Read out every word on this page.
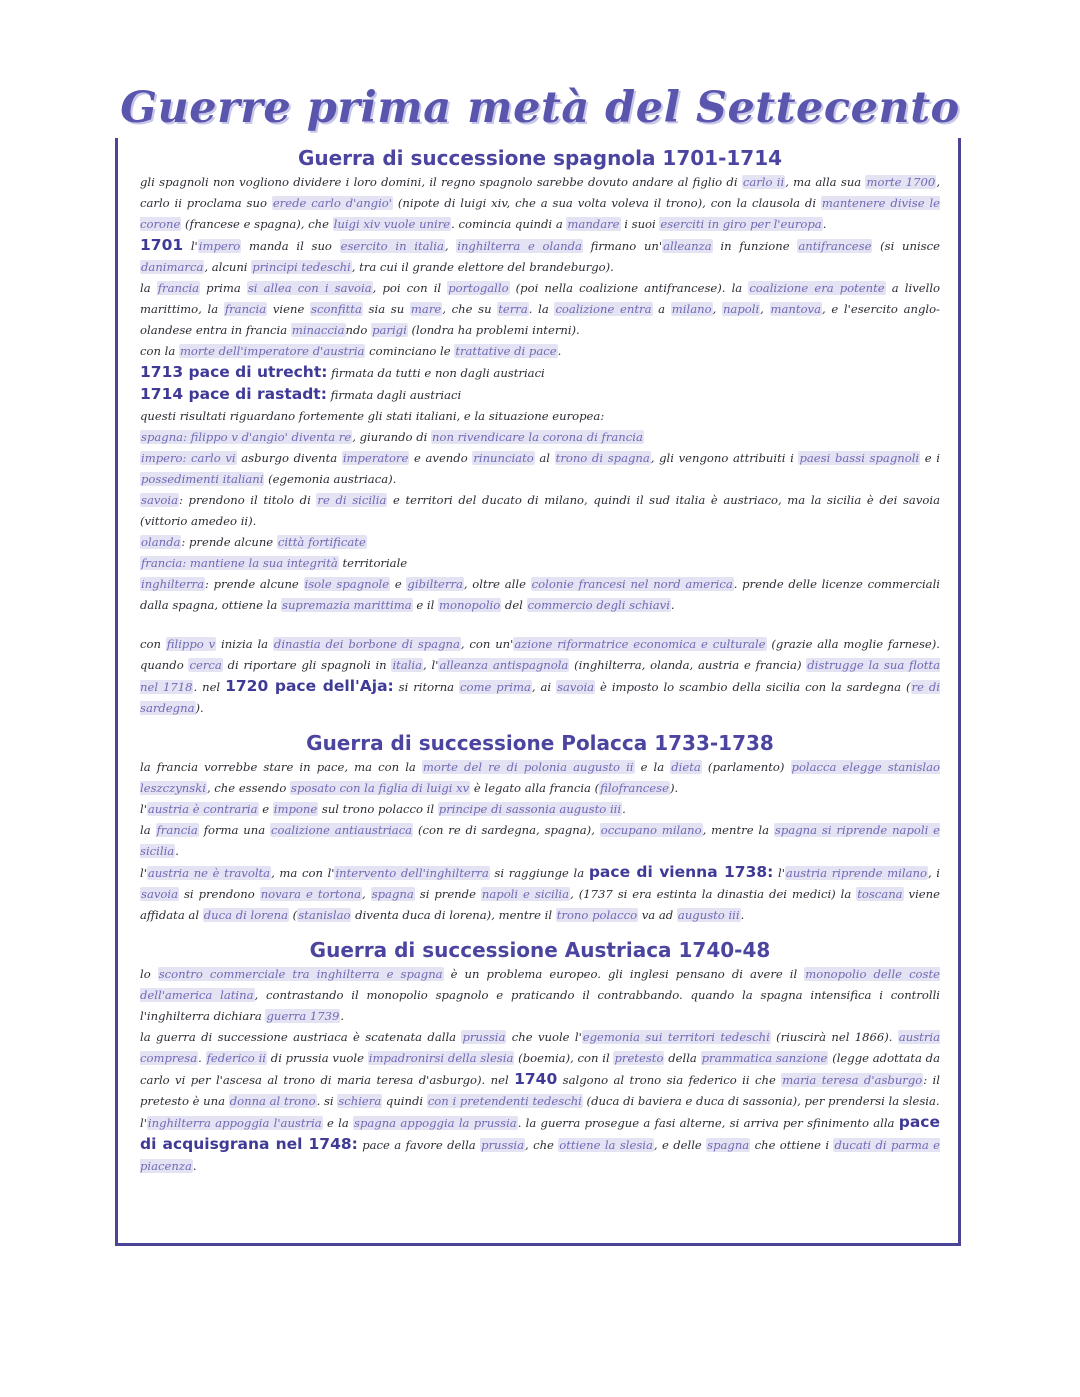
Guerre prima metà del Settecento
Guerra di successione spagnola 1701-1714

gli spagnoli non vogliono dividere i loro domini, il regno spagnolo sarebbe dovuto andare al figlio di carlo ii, ma alla sua morte 1700, carlo ii proclama suo erede carlo d'angio' (nipote di luigi xiv, che a sua volta voleva il trono), con la clausola di mantenere divise le corone (francese e spagna), che luigi xiv vuole unire. comincia quindi a mandare i suoi eserciti in giro per l'europa.

1701 l'impero manda il suo esercito in italia, inghilterra e olanda firmano un'alleanza in funzione antifrancese (si unisce danimarca, alcuni principi tedeschi, tra cui il grande elettore del brandeburgo).

la francia prima si allea con i savoia, poi con il portogallo (poi nella coalizione antifrancese). la coalizione era potente a livello marittimo, la francia viene sconfitta sia su mare, che su terra. la coalizione entra a milano, napoli, mantova, e l'esercito anglo-olandese entra in francia minacciando parigi (londra ha problemi interni).

con la morte dell'imperatore d'austria cominciano le trattative di pace.

1713 pace di utrecht: firmata da tutti e non dagli austriaci

1714 pace di rastadt: firmata dagli austriaci

questi risultati riguardano fortemente gli stati italiani, e la situazione europea:

spagna: filippo v d'angio' diventa re, giurando di non rivendicare la corona di francia

impero: carlo vi asburgo diventa imperatore e avendo rinunciato al trono di spagna, gli vengono attribuiti i paesi bassi spagnoli e i possedimenti italiani (egemonia austriaca).

savoia: prendono il titolo di re di sicilia e territori del ducato di milano, quindi il sud italia è austriaco, ma la sicilia è dei savoia (vittorio amedeo ii).

olanda: prende alcune città fortificate

francia: mantiene la sua integrità territoriale

inghilterra: prende alcune isole spagnole e gibilterra, oltre alle colonie francesi nel nord america. prende delle licenze commerciali dalla spagna, ottiene la supremazia marittima e il monopolio del commercio degli schiavi.

con filippo v inizia la dinastia dei borbone di spagna, con un'azione riformatrice economica e culturale (grazie alla moglie farnese). quando cerca di riportare gli spagnoli in italia, l'alleanza antispagnola (inghilterra, olanda, austria e francia) distrugge la sua flotta nel 1718. nel 1720 pace dell'Aja: si ritorna come prima, ai savoia è imposto lo scambio della sicilia con la sardegna (re di sardegna).

Guerra di successione Polacca 1733-1738

la francia vorrebbe stare in pace, ma con la morte del re di polonia augusto ii e la dieta (parlamento) polacca elegge stanislao leszczynski, che essendo sposato con la figlia di luigi xv è legato alla francia (filofrancese).

l'austria è contraria e impone sul trono polacco il principe di sassonia augusto iii.

la francia forma una coalizione antiaustriaca (con re di sardegna, spagna), occupano milano, mentre la spagna si riprende napoli e sicilia.

l'austria ne è travolta, ma con l'intervento dell'inghilterra si raggiunge la pace di vienna 1738: l'austria riprende milano, i savoia si prendono novara e tortona, spagna si prende napoli e sicilia, (1737 si era estinta la dinastia dei medici) la toscana viene affidata al duca di lorena (stanislao diventa duca di lorena), mentre il trono polacco va ad augusto iii.

Guerra di successione Austriaca 1740-48

lo scontro commerciale tra inghilterra e spagna è un problema europeo. gli inglesi pensano di avere il monopolio delle coste dell'america latina, contrastando il monopolio spagnolo e praticando il contrabbando. quando la spagna intensifica i controlli l'inghilterra dichiara guerra 1739.

la guerra di successione austriaca è scatenata dalla prussia che vuole l'egemonia sui territori tedeschi (riuscirà nel 1866). austria compresa. federico ii di prussia vuole impadronirsi della slesia (boemia), con il pretesto della prammatica sanzione (legge adottata da carlo vi per l'ascesa al trono di maria teresa d'asburgo). nel 1740 salgono al trono sia federico ii che maria teresa d'asburgo: il pretesto è una donna al trono. si schiera quindi con i pretendenti tedeschi (duca di baviera e duca di sassonia), per prendersi la slesia.

l'inghilterra appoggia l'austria e la spagna appoggia la prussia. la guerra prosegue a fasi alterne, si arriva per sfinimento alla pace di acquisgrana nel 1748: pace a favore della prussia, che ottiene la slesia, e delle spagna che ottiene i ducati di parma e piacenza.
